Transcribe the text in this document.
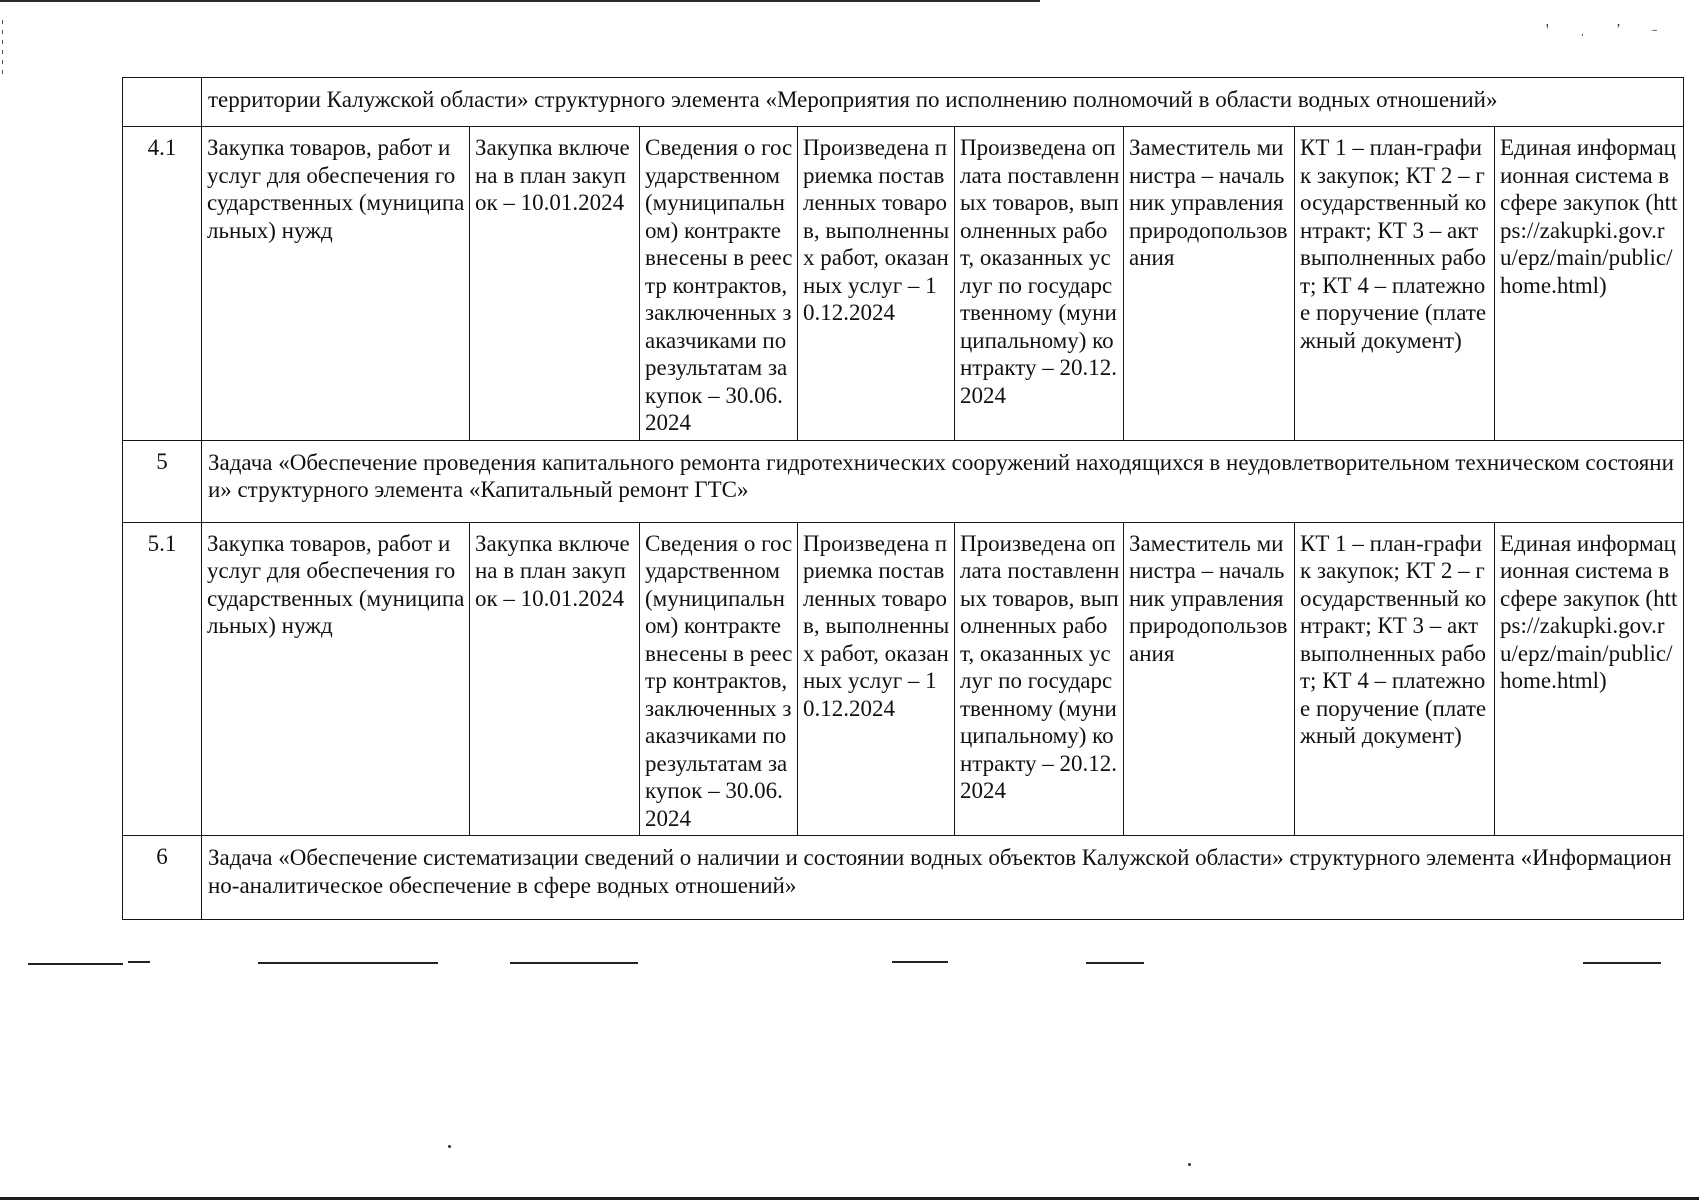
ꞌ ˌ ʼ ˗
	территории Калужской области» структурного элемента «Мероприятия по исполнению полномочий в области водных отношений»							
4.1	Закупка товаров, работ и услуг для обеспечения государственных (муниципальных) нужд	Закупка включена в план закупок – 10.01.2024	Сведения о государственном (муниципальном) контракте внесены в реестр контрактов, заключенных заказчиками по результатам закупок – 30.06.2024	Произведена приемка поставленных товаров, выполненных работ, оказанных услуг – 10.12.2024	Произведена оплата поставленных товаров, выполненных работ, оказанных услуг по государственному (муниципальному) контракту – 20.12.2024	Заместитель министра – начальник управления природопользования	КТ 1 – план-график закупок; КТ 2 – государственный контракт; КТ 3 – акт выполненных работ; КТ 4 – платежное поручение (платежный документ)	Единая информационная система в сфере закупок (https://zakupki.gov.ru/epz/main/public/home.html)
5	Задача «Обеспечение проведения капитального ремонта гидротехнических сооружений находящихся в неудовлетворительном техническом состоянии» структурного элемента «Капитальный ремонт ГТС»							
5.1	Закупка товаров, работ и услуг для обеспечения государственных (муниципальных) нужд	Закупка включена в план закупок – 10.01.2024	Сведения о государственном (муниципальном) контракте внесены в реестр контрактов, заключенных заказчиками по результатам закупок – 30.06.2024	Произведена приемка поставленных товаров, выполненных работ, оказанных услуг – 10.12.2024	Произведена оплата поставленных товаров, выполненных работ, оказанных услуг по государственному (муниципальному) контракту – 20.12.2024	Заместитель министра – начальник управления природопользования	КТ 1 – план-график закупок; КТ 2 – государственный контракт; КТ 3 – акт выполненных работ; КТ 4 – платежное поручение (платежный документ)	Единая информационная система в сфере закупок (https://zakupki.gov.ru/epz/main/public/home.html)
6	Задача «Обеспечение систематизации сведений о наличии и состоянии водных объектов Калужской области» структурного элемента «Информационно-аналитическое обеспечение в сфере водных отношений»							
